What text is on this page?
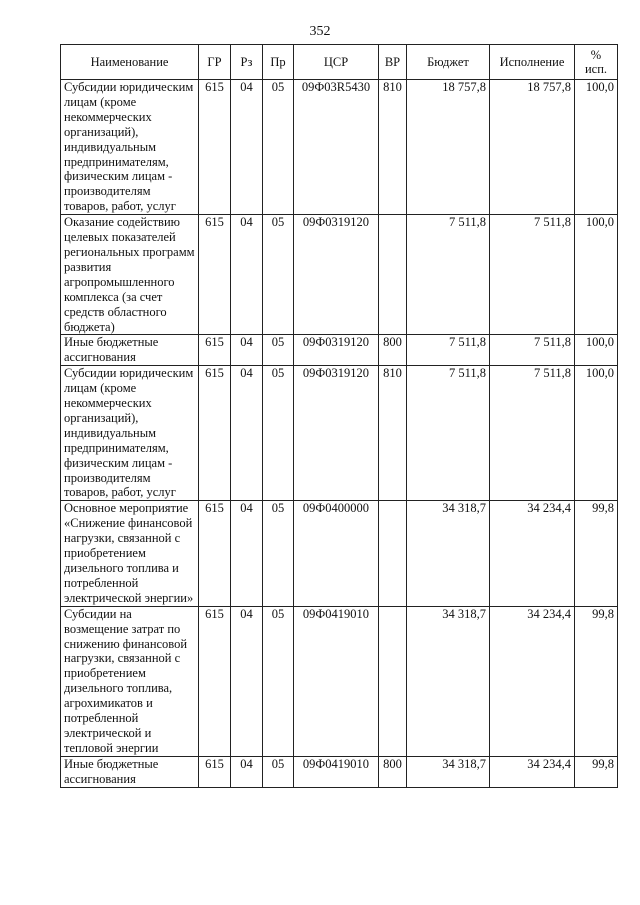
352
Наименование	ГР	Рз	Пр	ЦСР	ВР	Бюджет	Исполнение	%
исп.
Субсидии юридическим лицам (кроме некоммерческих организаций), индивидуальным предпринимателям, физическим лицам - производителям товаров, работ, услуг	615	04	05	09Ф03R5430	810	18 757,8	18 757,8	100,0
Оказание содействию целевых показателей региональных программ развития агропромышленного комплекса (за счет средств областного бюджета)	615	04	05	09Ф0319120		7 511,8	7 511,8	100,0
Иные бюджетные ассигнования	615	04	05	09Ф0319120	800	7 511,8	7 511,8	100,0
Субсидии юридическим лицам (кроме некоммерческих организаций), индивидуальным предпринимателям, физическим лицам - производителям товаров, работ, услуг	615	04	05	09Ф0319120	810	7 511,8	7 511,8	100,0
Основное мероприятие «Снижение финансовой нагрузки, связанной с приобретением дизельного топлива и потребленной электрической энергии»	615	04	05	09Ф0400000		34 318,7	34 234,4	99,8
Субсидии на возмещение затрат по снижению финансовой нагрузки, связанной с приобретением дизельного топлива, агрохимикатов и потребленной электрической и тепловой энергии	615	04	05	09Ф0419010		34 318,7	34 234,4	99,8
Иные бюджетные ассигнования	615	04	05	09Ф0419010	800	34 318,7	34 234,4	99,8
